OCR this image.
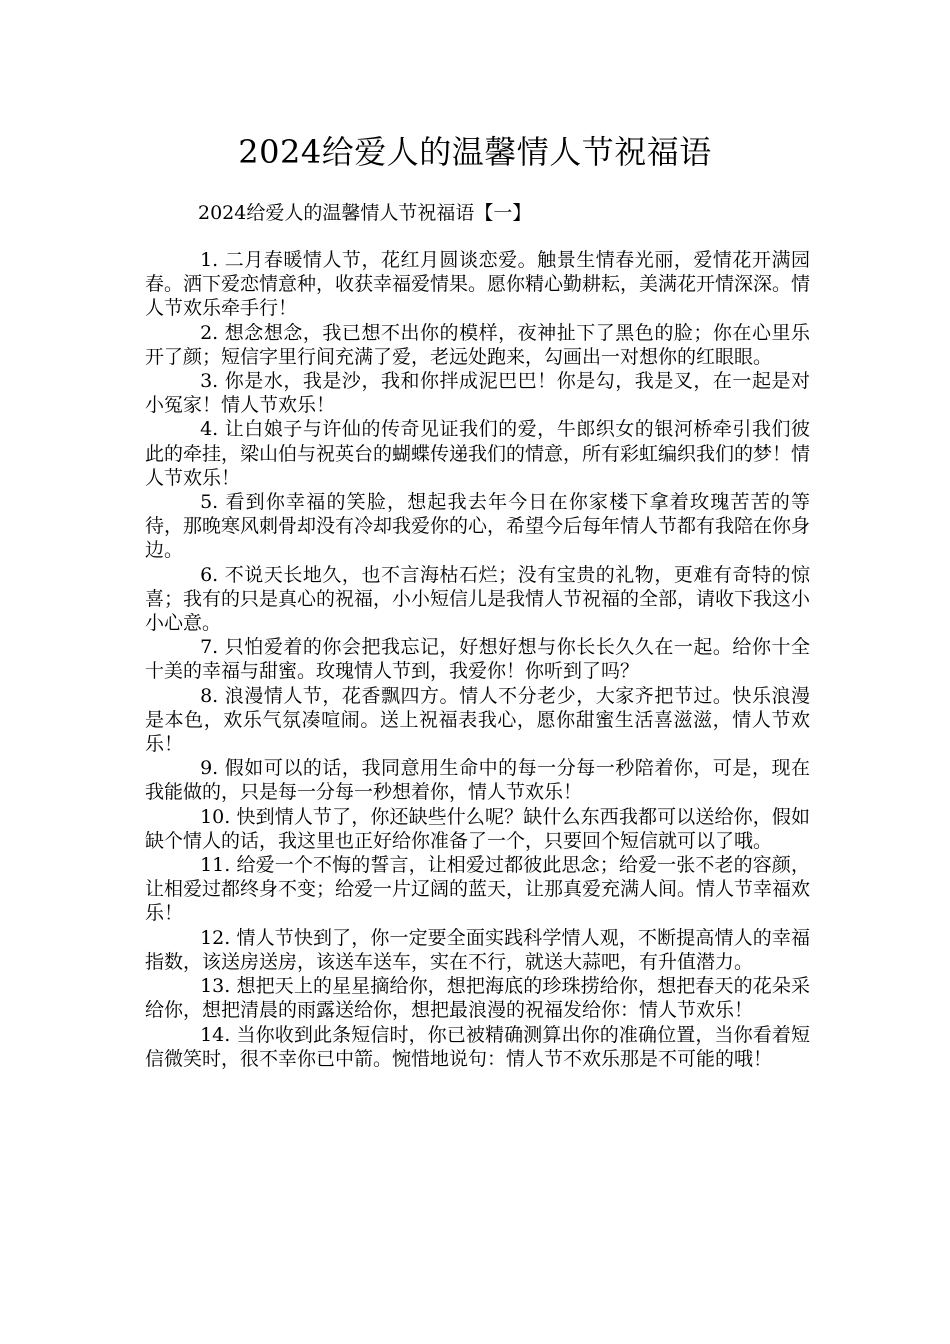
2024给爱人的温馨情人节祝福语
2024给爱人的温馨情人节祝福语【一】

1. 二月春暖情人节，花红月圆谈恋爱。触景生情春光丽，爱情花开满园春。洒下爱恋情意种，收获幸福爱情果。愿你精心勤耕耘，美满花开情深深。情人节欢乐牵手行！

2. 想念想念，我已想不出你的模样，夜神扯下了黑色的脸；你在心里乐开了颜；短信字里行间充满了爱，老远处跑来，勾画出一对想你的红眼眼。

3. 你是水，我是沙，我和你拌成泥巴巴！你是勾，我是叉，在一起是对小冤家！情人节欢乐！

4. 让白娘子与许仙的传奇见证我们的爱，牛郎织女的银河桥牵引我们彼此的牵挂，梁山伯与祝英台的蝴蝶传递我们的情意，所有彩虹编织我们的梦！情人节欢乐！

5. 看到你幸福的笑脸，想起我去年今日在你家楼下拿着玫瑰苦苦的等待，那晚寒风刺骨却没有冷却我爱你的心，希望今后每年情人节都有我陪在你身边。

6. 不说天长地久，也不言海枯石烂；没有宝贵的礼物，更难有奇特的惊喜；我有的只是真心的祝福，小小短信儿是我情人节祝福的全部，请收下我这小小心意。

7. 只怕爱着的你会把我忘记，好想好想与你长长久久在一起。给你十全十美的幸福与甜蜜。玫瑰情人节到，我爱你！你听到了吗？

8. 浪漫情人节，花香飘四方。情人不分老少，大家齐把节过。快乐浪漫是本色，欢乐气氛凑喧闹。送上祝福表我心，愿你甜蜜生活喜滋滋，情人节欢乐！

9. 假如可以的话，我同意用生命中的每一分每一秒陪着你，可是，现在我能做的，只是每一分每一秒想着你，情人节欢乐！

10. 快到情人节了，你还缺些什么呢？缺什么东西我都可以送给你，假如缺个情人的话，我这里也正好给你准备了一个，只要回个短信就可以了哦。

11. 给爱一个不悔的誓言，让相爱过都彼此思念；给爱一张不老的容颜，让相爱过都终身不变；给爱一片辽阔的蓝天，让那真爱充满人间。情人节幸福欢乐！

12. 情人节快到了，你一定要全面实践科学情人观，不断提高情人的幸福指数，该送房送房，该送车送车，实在不行，就送大蒜吧，有升值潜力。

13. 想把天上的星星摘给你，想把海底的珍珠捞给你，想把春天的花朵采给你，想把清晨的雨露送给你，想把最浪漫的祝福发给你：情人节欢乐！

14. 当你收到此条短信时，你已被精确测算出你的准确位置，当你看着短信微笑时，很不幸你已中箭。惋惜地说句：情人节不欢乐那是不可能的哦！
